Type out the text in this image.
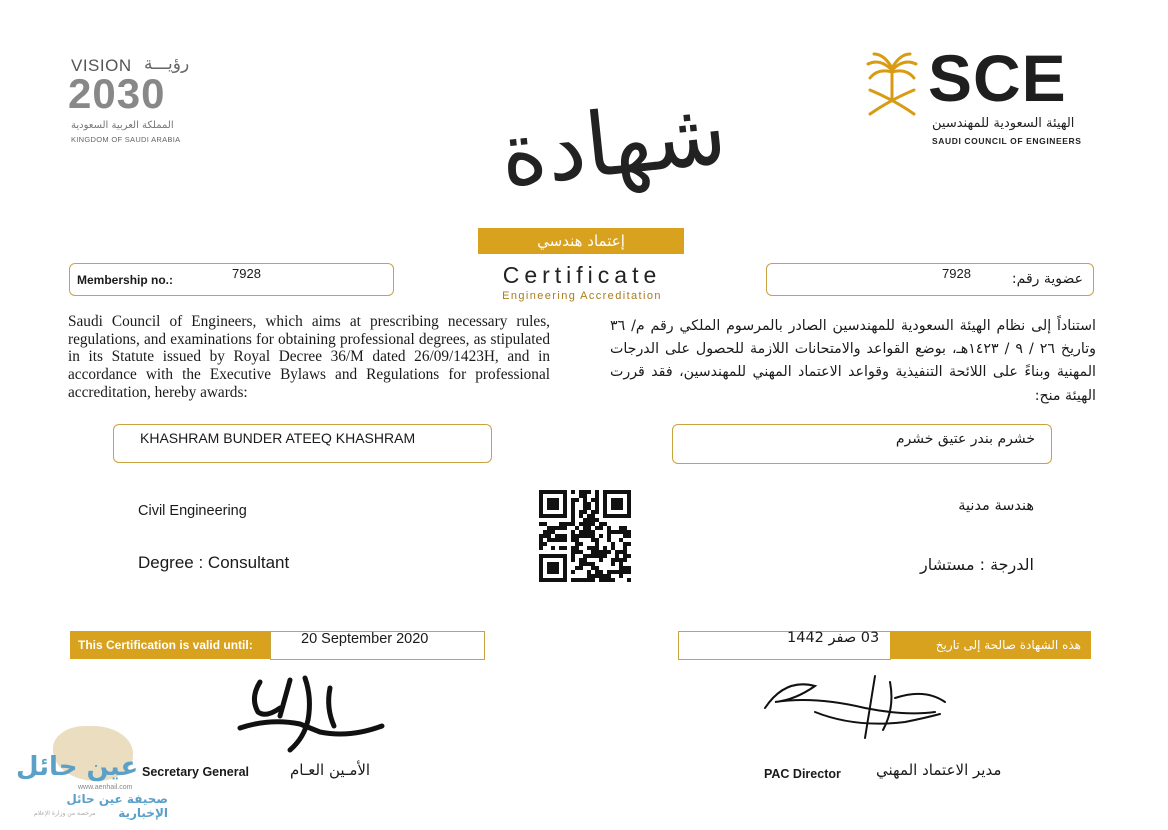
VISION رؤيـــة
2030
المملكة العربية السعودية
KINGDOM OF SAUDI ARABIA
SCE
الهيئة السعودية للمهندسين
SAUDI COUNCIL OF ENGINEERS
شهادة
إعتماد هندسي
Certificate
Engineering Accreditation
Membership no.:	7928	عضوية رقم:
7928

Saudi Council of Engineers, which aims at prescribing necessary rules, regulations, and examinations for obtaining professional degrees, as stipulated in its Statute issued by Royal Decree 36/M dated 26/09/1423H, and in accordance with the Executive Bylaws and Regulations for professional accreditation, hereby awards:

استناداً إلى نظام الهيئة السعودية للمهندسين الصادر بالمرسوم الملكي رقم م/ ٣٦ وتاريخ ٢٦ / ٩ / ١٤٢٣هـ، بوضع القواعد والامتحانات اللازمة للحصول على الدرجات المهنية وبناءً على اللائحة التنفيذية وقواعد الاعتماد المهني للمهندسين، فقد قررت الهيئة منح:

KHASHRAM BUNDER ATEEQ KHASHRAM	خشرم بندر عتيق خشرم
Civil Engineering
Degree : Consultant
هندسة مدنية
الدرجة : مستشار
This Certification is valid until:	20 September 2020	03 صفر 1442	هذه الشهادة صالحة إلى تاريخ
Secretary General	الأمـين العـام	PAC Director مدير الاعتماد المهني
عين حائل
www.aenhail.com
صحيفة عين حائل الإخبارية
مرخصة من وزارة الإعلام
